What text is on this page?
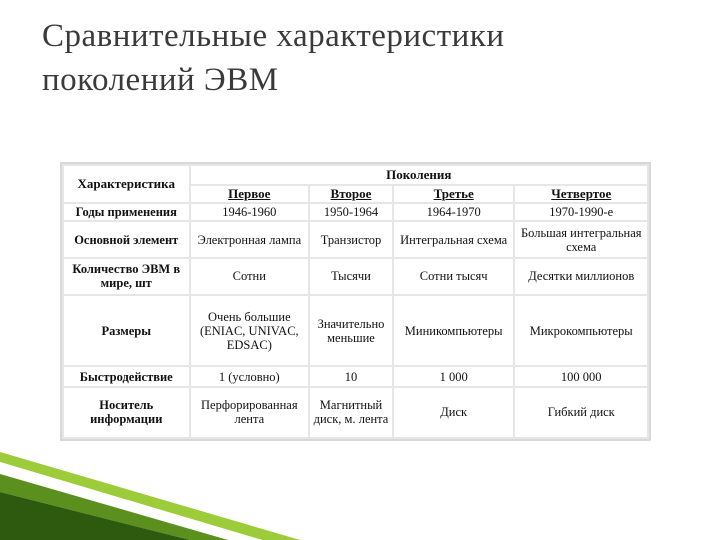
Сравнительные характеристики
поколений ЭВМ
Характеристика	Поколения			
	Первое	Второе	Третье	Четвертое
Годы применения	1946-1960	1950-1964	1964-1970	1970-1990-е
Основной элемент	Электронная лампа	Транзистор	Интегральная схема	Большая интегральная схема
Количество ЭВМ в мире, шт	Сотни	Тысячи	Сотни тысяч	Десятки миллионов
Размеры	Очень большие (ENIAC, UNIVAC, EDSAC)	Значительно меньшие	Миникомпьютеры	Микрокомпьютеры
Быстродействие	1 (условно)	10	1 000	100 000
Носитель информации	Перфорированная лента	Магнитный диск, м. лента	Диск	Гибкий диск
